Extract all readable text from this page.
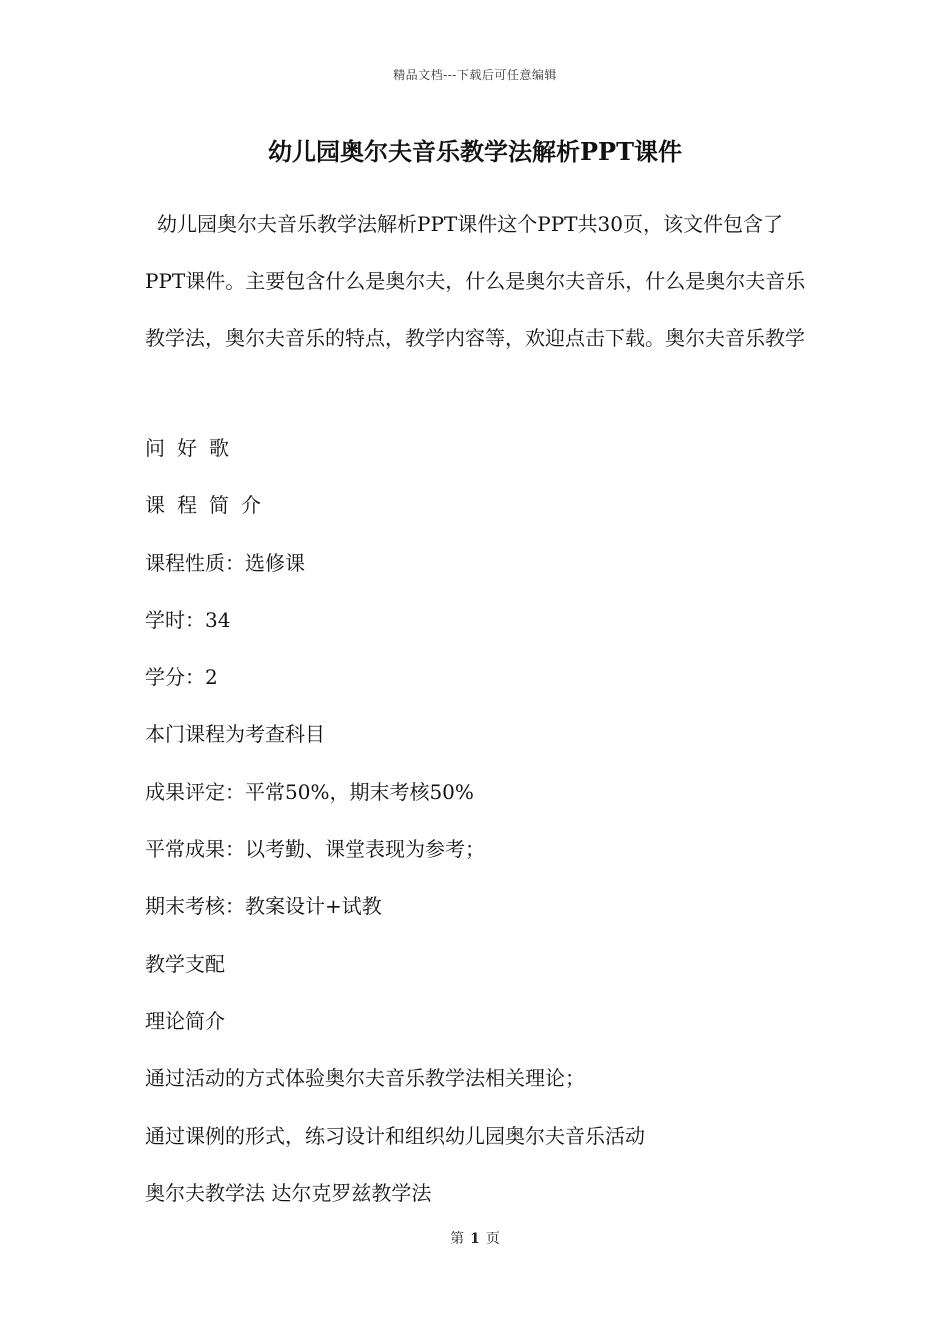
精品文档---下载后可任意编辑
幼儿园奥尔夫音乐教学法解析PPT课件

幼儿园奥尔夫音乐教学法解析PPT课件这个PPT共30页，该文件包含了PPT课件。主要包含什么是奥尔夫，什么是奥尔夫音乐，什么是奥尔夫音乐教学法，奥尔夫音乐的特点，教学内容等，欢迎点击下载。奥尔夫音乐教学

问好歌
课程简介
课程性质：选修课
学时：34
学分：2
本门课程为考查科目
成果评定：平常50%，期末考核50%
平常成果：以考勤、课堂表现为参考；
期末考核：教案设计+试教
教学支配
理论简介
通过活动的方式体验奥尔夫音乐教学法相关理论；
通过课例的形式，练习设计和组织幼儿园奥尔夫音乐活动
奥尔夫教学法 达尔克罗兹教学法
第 1 页
